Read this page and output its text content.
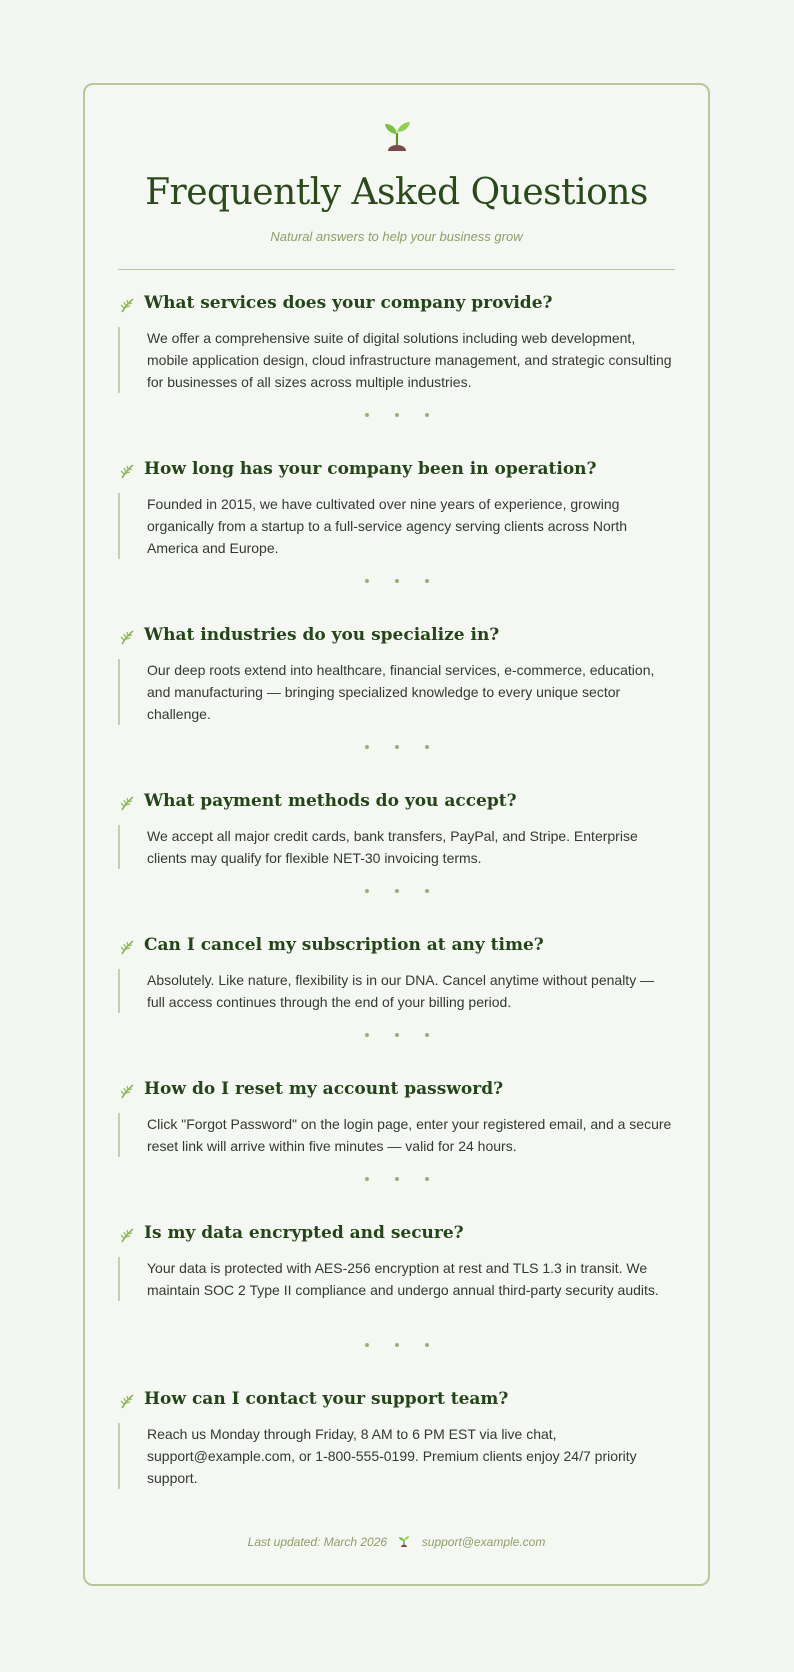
Frequently Asked Questions
Natural answers to help your business grow
What services does your company provide?
We offer a comprehensive suite of digital solutions including web development, mobile application design, cloud infrastructure management, and strategic consulting for businesses of all sizes across multiple industries.
How long has your company been in operation?
Founded in 2015, we have cultivated over nine years of experience, growing organically from a startup to a full-service agency serving clients across North America and Europe.
What industries do you specialize in?
Our deep roots extend into healthcare, financial services, e-commerce, education, and manufacturing — bringing specialized knowledge to every unique sector challenge.
What payment methods do you accept?
We accept all major credit cards, bank transfers, PayPal, and Stripe. Enterprise clients may qualify for flexible NET-30 invoicing terms.
Can I cancel my subscription at any time?
Absolutely. Like nature, flexibility is in our DNA. Cancel anytime without penalty — full access continues through the end of your billing period.
How do I reset my account password?
Click "Forgot Password" on the login page, enter your registered email, and a secure reset link will arrive within five minutes — valid for 24 hours.
Is my data encrypted and secure?
Your data is protected with AES-256 encryption at rest and TLS 1.3 in transit. We maintain SOC 2 Type II compliance and undergo annual third-party security audits.
How can I contact your support team?
Reach us Monday through Friday, 8 AM to 6 PM EST via live chat, support@example.com, or 1-800-555-0199. Premium clients enjoy 24/7 priority support.
Last updated: March 2026	support@example.com
